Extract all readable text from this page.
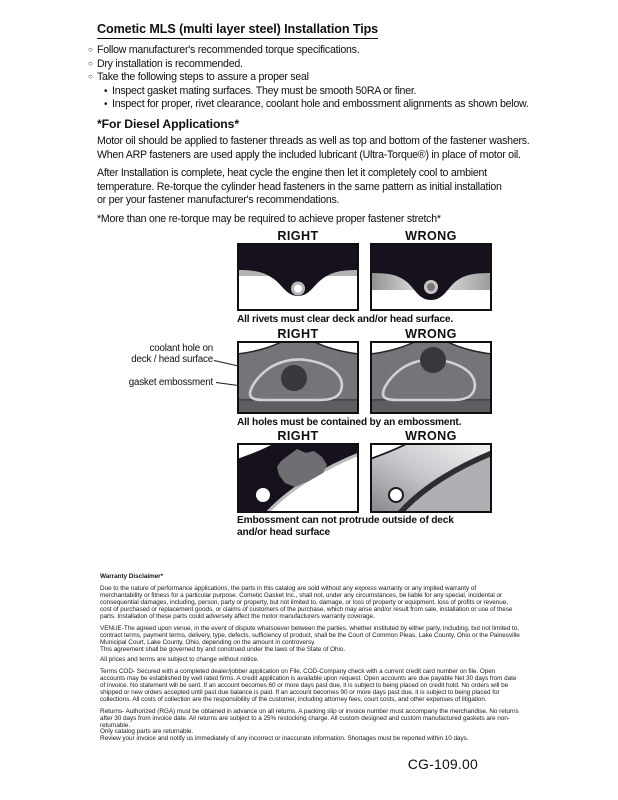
Cometic MLS (multi layer steel) Installation Tips
○ Follow manufacturer's recommended torque specifications.
○ Dry installation is recommended.
○ Take the following steps to assure a proper seal
• Inspect gasket mating surfaces. They must be smooth 50RA or finer.
• Inspect for proper, rivet clearance, coolant hole and embossment alignments as shown below.
*For Diesel Applications*
Motor oil should be applied to fastener threads as well as top and bottom of the fastener washers.
When ARP fasteners are used apply the included lubricant (Ultra-Torque®) in place of motor oil.
After Installation is complete, heat cycle the engine then let it completely cool to ambient
temperature. Re-torque the cylinder head fasteners in the same pattern as initial installation
or per your fastener manufacturer's recommendations.
*More than one re-torque may be required to achieve proper fastener stretch*
RIGHT	WRONG
All rivets must clear deck and/or head surface.
RIGHT	WRONG
coolant hole on
deck / head surface
gasket embossment
All holes must be contained by an embossment.
RIGHT	WRONG
Embossment can not protrude outside of deck
and/or head surface
Warranty Disclaimer*
Due to the nature of performance applications, the parts in this catalog are sold without any express warranty or any implied warranty of merchantability or fitness for a particular purpose. Cometic Gasket Inc., shall not, under any circumstances, be liable for any special, incidental or consequential damages, including, person, party or property, but not limited to, damage, or loss of property or equipment, loss of profits or revenue, cost of purchased or replacement goods, or claims of customers of the purchase, which may arise and/or result from sale, installation or use of these parts. Installation of these parts could adversely affect the motor manufacturers warranty coverage.
VENUE-The agreed upon venue, in the event of dispute whatsoever between the parties, whether instituted by either party, including, but not limited to, contract terms, payment terms, delivery, type, defects, sufficiency of product, shall be the Court of Common Pleas, Lake County, Ohio or the Painesville Municipal Court, Lake County, Ohio, depending on the amount in controversy.
This agreement shall be governed by and construed under the laws of the State of Ohio.
All prices and terms are subject to change without notice.
Terms COD- Secured with a completed dealer/jobber application on File, COD-Company check with a current credit card number on file. Open accounts may be established by well rated firms. A credit application is available upon request. Open accounts are due payable Net 30 days from date of invoice. No statement will be sent. If an account becomes 60 or more days past due, it is subject to being placed on credit hold. No orders will be shipped or new orders accepted until past due balance is paid. If an account becomes 90 or more days past due, it is subject to being placed for collections. All costs of collection are the responsibility of the customer, including attorney fees, court costs, and other expenses of litigation.
Returns- Authorized (RGA) must be obtained in advance on all returns. A packing slip or invoice number must accompany the merchandise. No returns after 30 days from invoice date. All returns are subject to a 25% restocking charge. All custom designed and custom manufactured gaskets are non-returnable.
Only catalog parts are returnable.
Review your invoice and notify us immediately of any incorrect or inaccurate information. Shortages must be reported within 10 days.
CG-109.00
